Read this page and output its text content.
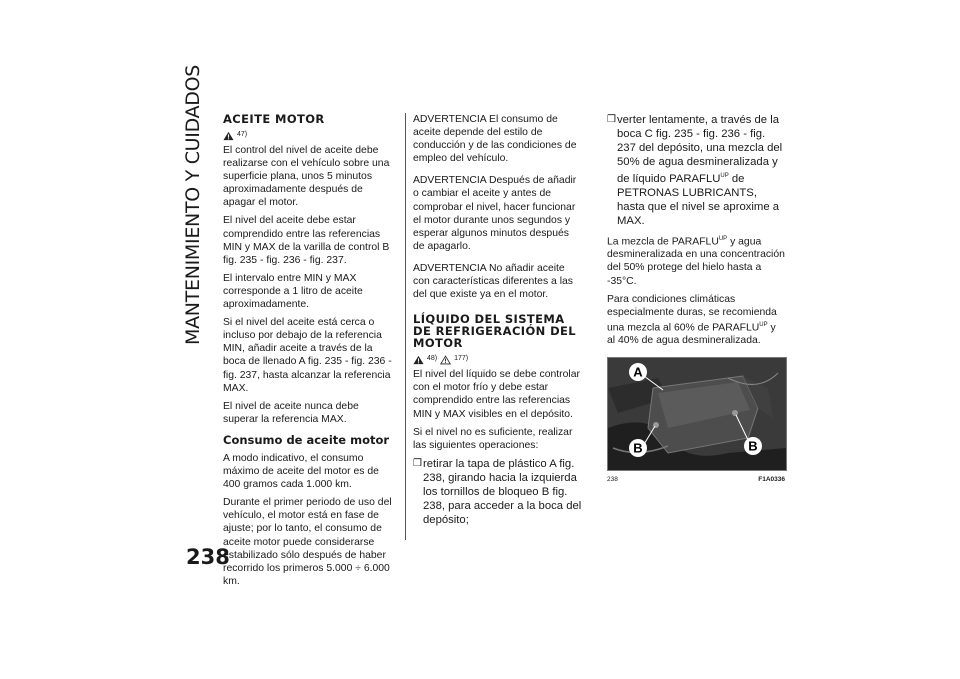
MANTENIMIENTO Y CUIDADOS
238
ACEITE MOTOR
47)

El control del nivel de aceite debe realizarse con el vehículo sobre una superficie plana, unos 5 minutos aproximadamente después de apagar el motor.

El nivel del aceite debe estar comprendido entre las referencias MIN y MAX de la varilla de control B fig. 235 - fig. 236 - fig. 237.

El intervalo entre MIN y MAX corresponde a 1 litro de aceite aproximadamente.

Si el nivel del aceite está cerca o incluso por debajo de la referencia MIN, añadir aceite a través de la boca de llenado A fig. 235 - fig. 236 - fig. 237, hasta alcanzar la referencia MAX.

El nivel de aceite nunca debe superar la referencia MAX.

Consumo de aceite motor

A modo indicativo, el consumo máximo de aceite del motor es de 400 gramos cada 1.000 km.

Durante el primer periodo de uso del vehículo, el motor está en fase de ajuste; por lo tanto, el consumo de aceite motor puede considerarse estabilizado sólo después de haber recorrido los primeros 5.000 ÷ 6.000 km.

ADVERTENCIA El consumo de aceite depende del estilo de conducción y de las condiciones de empleo del vehículo.

ADVERTENCIA Después de añadir o cambiar el aceite y antes de comprobar el nivel, hacer funcionar el motor durante unos segundos y esperar algunos minutos después de apagarlo.

ADVERTENCIA No añadir aceite con características diferentes a las del que existe ya en el motor.

LÍQUIDO DEL SISTEMA DE REFRIGERACIÓN DEL MOTOR
48) 177)

El nivel del líquido se debe controlar con el motor frío y debe estar comprendido entre las referencias MIN y MAX visibles en el depósito.

Si el nivel no es suficiente, realizar las siguientes operaciones:

❒ retirar la tapa de plástico A fig. 238, girando hacia la izquierda los tornillos de bloqueo B fig. 238, para acceder a la boca del depósito;
❒ verter lentamente, a través de la boca C fig. 235 - fig. 236 - fig. 237 del depósito, una mezcla del 50% de agua desmineralizada y de líquido $PARAFLU^{UP}$ de PETRONAS LUBRICANTS, hasta que el nivel se aproxime a MAX.

La mezcla de $PARAFLU^{UP}$ y agua desmineralizada en una concentración del 50% protege del hielo hasta a -35°C.

Para condiciones climáticas especialmente duras, se recomienda una mezcla al 60% de $PARAFLU^{UP}$ y al 40% de agua desmineralizada.

A
B	B
238	F1A0336
